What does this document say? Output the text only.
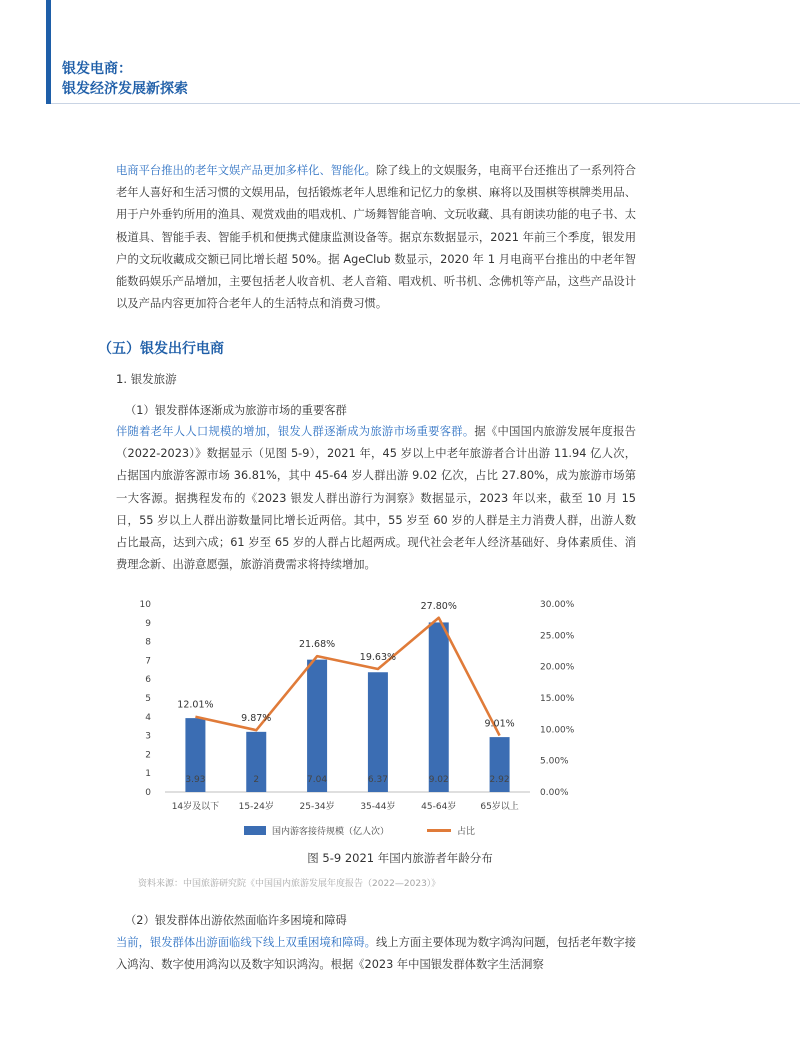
银发电商：
银发经济发展新探索

电商平台推出的老年文娱产品更加多样化、智能化。除了线上的文娱服务，电商平台还推出了一系列符合老年人喜好和生活习惯的文娱用品，包括锻炼老年人思维和记忆力的象棋、麻将以及围棋等棋牌类用品、用于户外垂钓所用的渔具、观赏戏曲的唱戏机、广场舞智能音响、文玩收藏、具有朗读功能的电子书、太极道具、智能手表、智能手机和便携式健康监测设备等。据京东数据显示，2021 年前三个季度，银发用户的文玩收藏成交额已同比增长超 50%。据 AgeClub 数显示，2020 年 1 月电商平台推出的中老年智能数码娱乐产品增加，主要包括老人收音机、老人音箱、唱戏机、听书机、念佛机等产品，这些产品设计以及产品内容更加符合老年人的生活特点和消费习惯。

（五）银发出行电商
1. 银发旅游
（1）银发群体逐渐成为旅游市场的重要客群

伴随着老年人人口规模的增加，银发人群逐渐成为旅游市场重要客群。据《中国国内旅游发展年度报告（2022-2023）》数据显示（见图 5-9），2021 年，45 岁以上中老年旅游者合计出游 11.94 亿人次，占据国内旅游客源市场 36.81%，其中 45-64 岁人群出游 9.02 亿次，占比 27.80%，成为旅游市场第一大客源。据携程发布的《2023 银发人群出游行为洞察》数据显示，2023 年以来，截至 10 月 15 日，55 岁以上人群出游数量同比增长近两倍。其中，55 岁至 60 岁的人群是主力消费人群，出游人数占比最高，达到六成；61 岁至 65 岁的人群占比超两成。现代社会老年人经济基础好、身体素质佳、消费理念新、出游意愿强，旅游消费需求将持续增加。

0
1
2
3
4
5
6
7
8
9
10
0.00%
5.00%
10.00%
15.00%
20.00%
25.00%
30.00%
3.93	2	7.04	6.37	9.02	2.92
12.01%
9.87%
21.68%
19.63%
27.80%
9.01%
14岁及以下 15-24岁	25-34岁	35-44岁	45-64岁	65岁以上
国内游客接待规模（亿人次）	占比
图 5-9 2021 年国内旅游者年龄分布
资料来源：中国旅游研究院《中国国内旅游发展年度报告（2022—2023）》
（2）银发群体出游依然面临许多困境和障碍

当前，银发群体出游面临线下线上双重困境和障碍。线上方面主要体现为数字鸿沟问题，包括老年数字接入鸿沟、数字使用鸿沟以及数字知识鸿沟。根据《2023 年中国银发群体数字生活洞察
